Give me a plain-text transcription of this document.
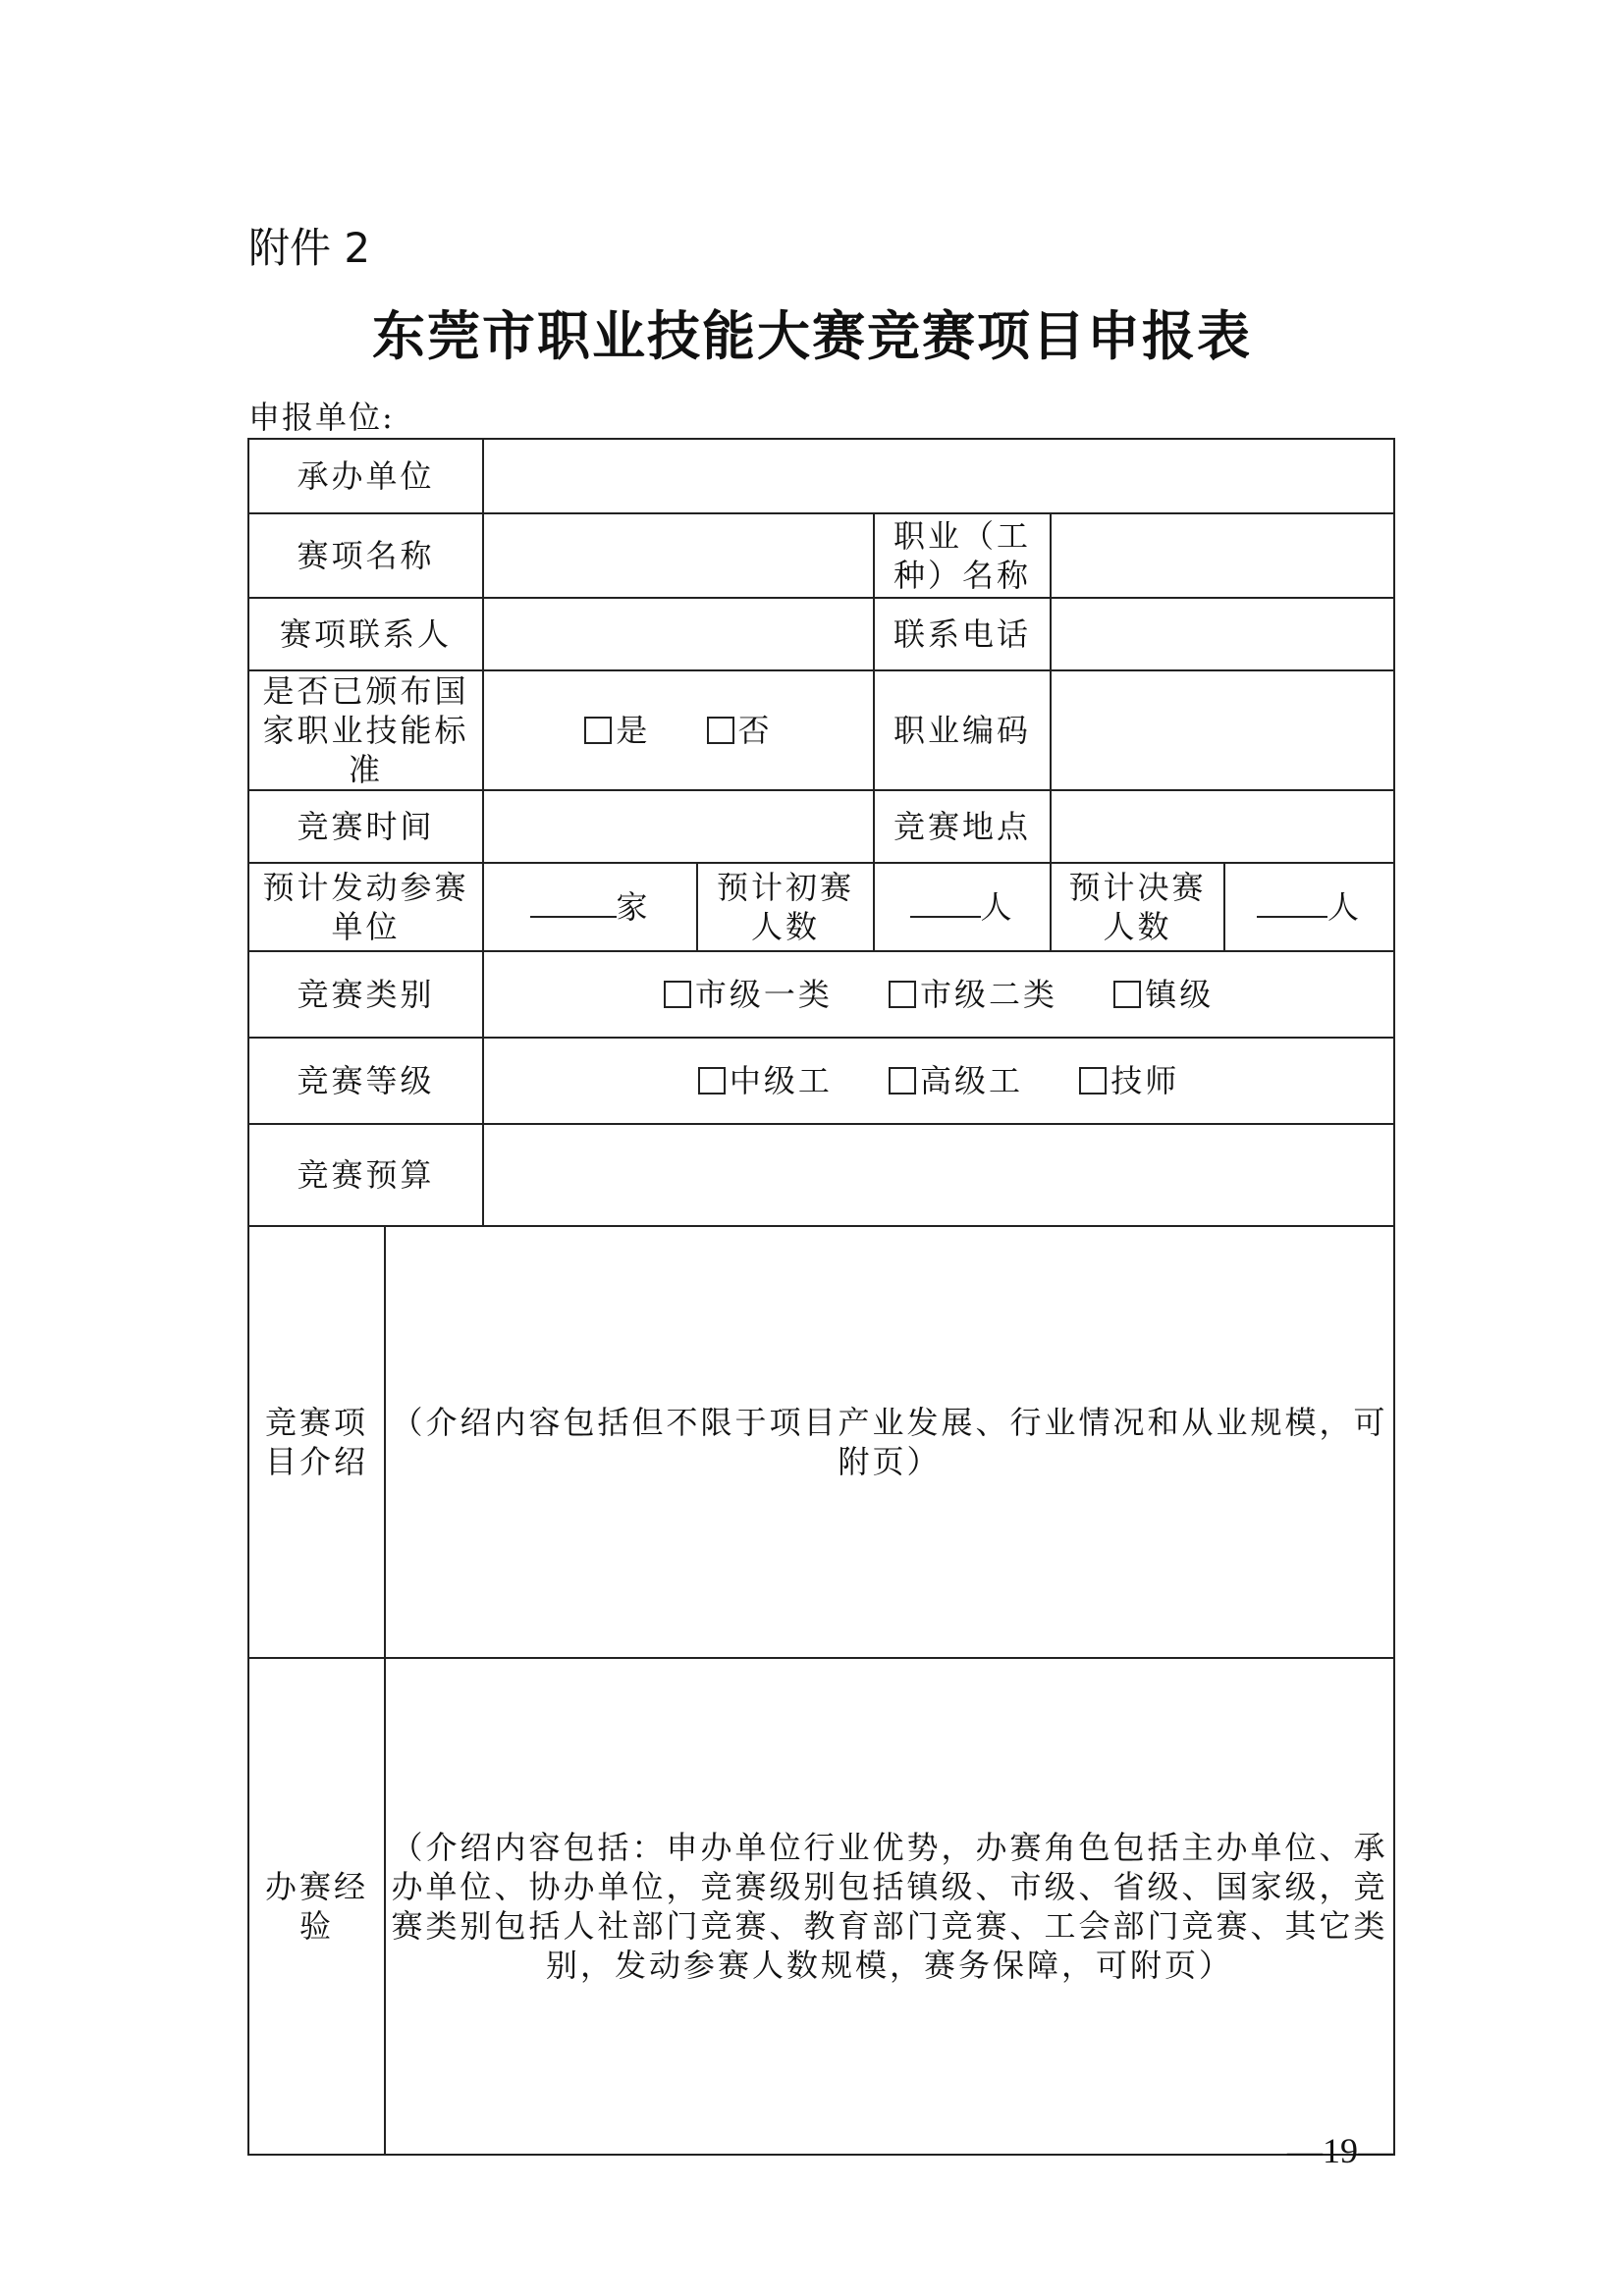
附件 2
东莞市职业技能大赛竞赛项目申报表
申报单位:
承办单位						
赛项名称				职业（工种）名称		
赛项联系人				联系电话		
是否已颁布国家职业技能标准		是 否		职业编码		
竞赛时间				竞赛地点		
预计发动参赛单位		家	预计初赛人数	人	预计决赛人数	人
竞赛类别		市级一类 市级二类 镇级				
竞赛等级		中级工 高级工 技师				
竞赛预算						
竞赛项目介绍	（介绍内容包括但不限于项目产业发展、行业情况和从业规模，可附页）					
办赛经验	（介绍内容包括：申办单位行业优势，办赛角色包括主办单位、承办单位、协办单位，竞赛级别包括镇级、市级、省级、国家级，竞赛类别包括人社部门竞赛、教育部门竞赛、工会部门竞赛、其它类别，发动参赛人数规模，赛务保障，可附页）					
—19—
